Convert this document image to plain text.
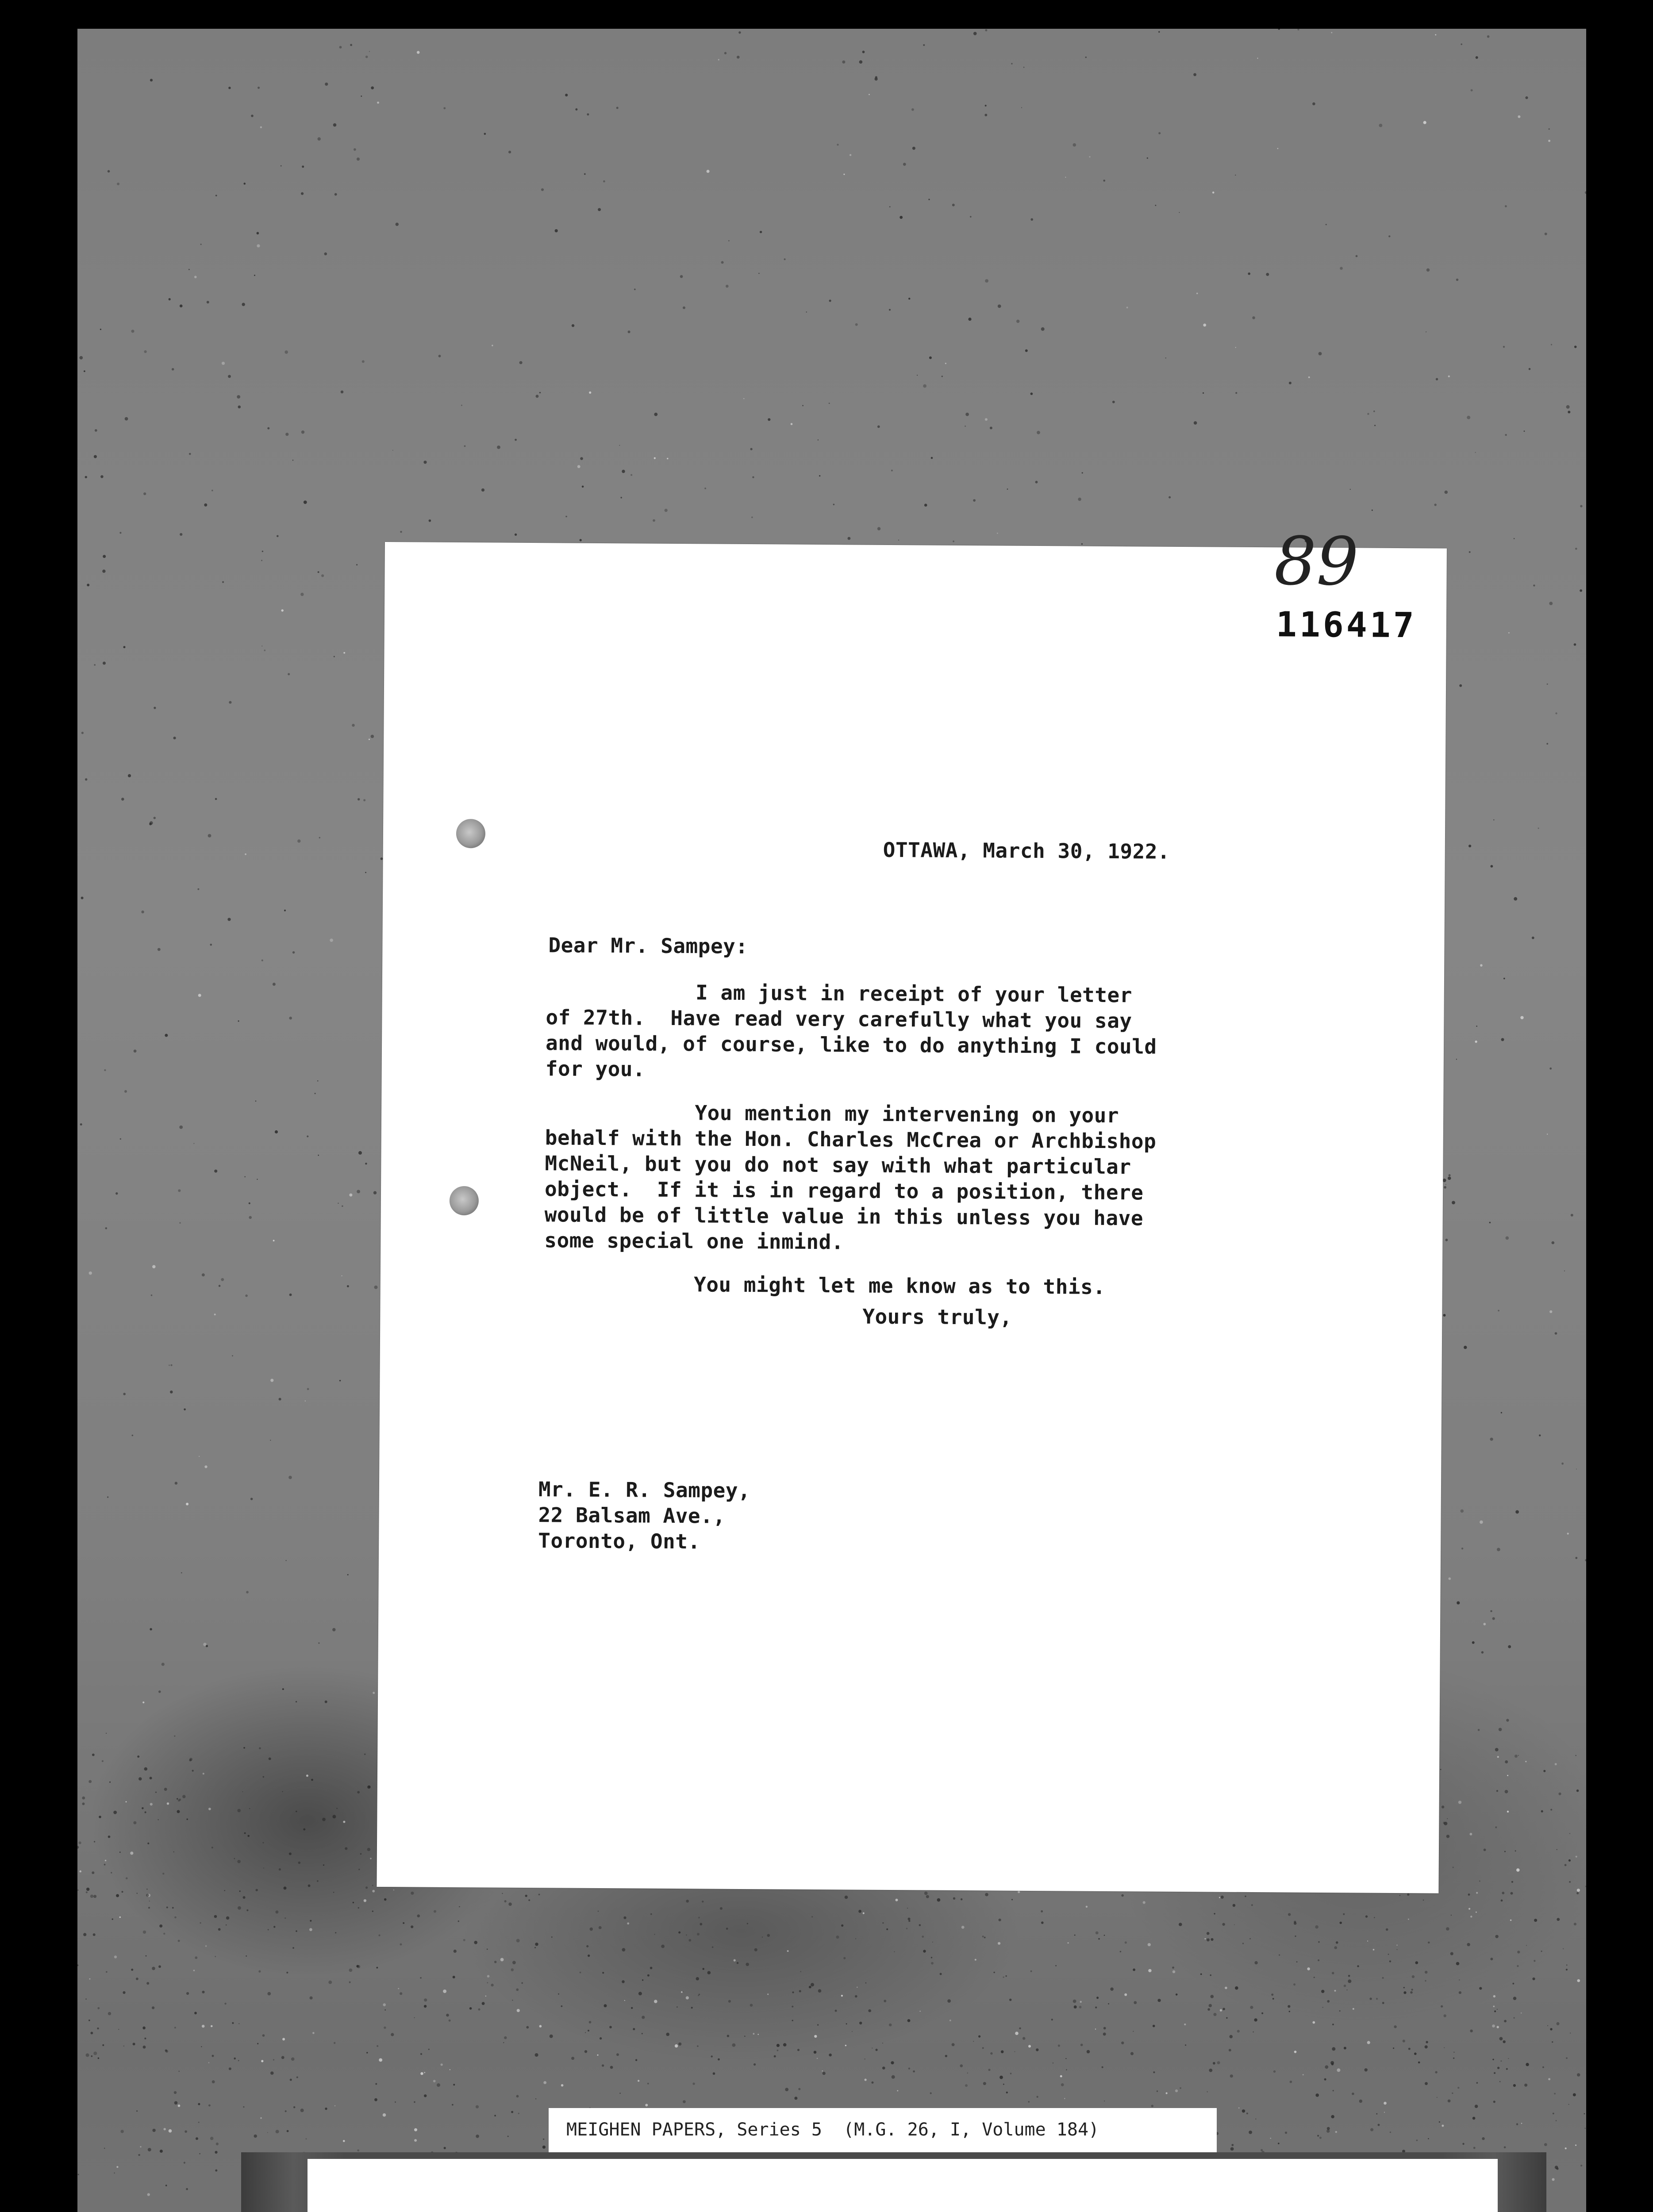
89
116417
OTTAWA, March 30, 1922.
Dear Mr. Sampey:
I am just in receipt of your letter
of 27th.  Have read very carefully what you say
and would, of course, like to do anything I could
for you.

You mention my intervening on your
behalf with the Hon. Charles McCrea or Archbishop
McNeil, but you do not say with what particular
object.  If it is in regard to a position, there
would be of little value in this unless you have
some special one inmind.

You might let me know as to this.
Yours truly,
Mr. E. R. Sampey,
22 Balsam Ave.,
Toronto, Ont.
MEIGHEN PAPERS, Series 5  (M.G. 26, I, Volume 184)
